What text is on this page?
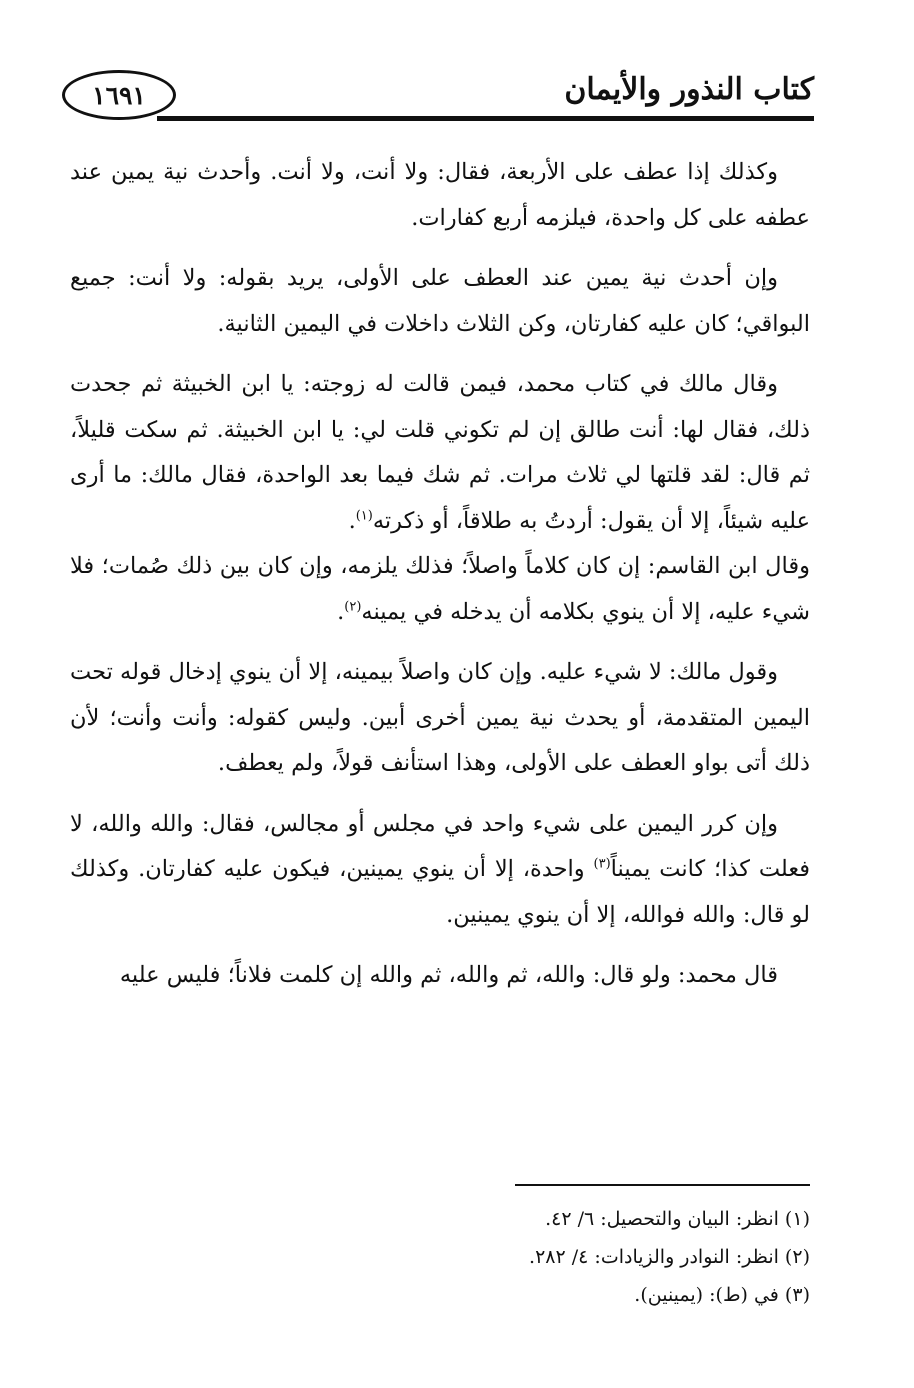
١٦٩١	كتاب النذور والأيمان

وكذلك إذا عطف على الأربعة، فقال: ولا أنت، ولا أنت. وأحدث نية يمين عند عطفه على كل واحدة، فيلزمه أربع كفارات.

وإن أحدث نية يمين عند العطف على الأولى، يريد بقوله: ولا أنت: جميع البواقي؛ كان عليه كفارتان، وكن الثلاث داخلات في اليمين الثانية.

وقال مالك في كتاب محمد، فيمن قالت له زوجته: يا ابن الخبيثة ثم جحدت ذلك، فقال لها: أنت طالق إن لم تكوني قلت لي: يا ابن الخبيثة. ثم سكت قليلاً، ثم قال: لقد قلتها لي ثلاث مرات. ثم شك فيما بعد الواحدة، فقال مالك: ما أرى عليه شيئاً، إلا أن يقول: أردتُ به طلاقاً، أو ذكرته$^{(١)}$.

وقال ابن القاسم: إن كان كلاماً واصلاً؛ فذلك يلزمه، وإن كان بين ذلك صُمات؛ فلا شيء عليه، إلا أن ينوي بكلامه أن يدخله في يمينه$^{(٢)}$.

وقول مالك: لا شيء عليه. وإن كان واصلاً بيمينه، إلا أن ينوي إدخال قوله تحت اليمين المتقدمة، أو يحدث نية يمين أخرى أبين. وليس كقوله: وأنت وأنت؛ لأن ذلك أتى بواو العطف على الأولى، وهذا استأنف قولاً، ولم يعطف.

وإن كرر اليمين على شيء واحد في مجلس أو مجالس، فقال: والله والله، لا فعلت كذا؛ كانت يميناً$^{(٣)}$ واحدة، إلا أن ينوي يمينين، فيكون عليه كفارتان. وكذلك لو قال: والله فوالله، إلا أن ينوي يمينين.

قال محمد: ولو قال: والله، ثم والله، ثم والله إن كلمت فلاناً؛ فليس عليه

(١) انظر: البيان والتحصيل: ٦/ ٤٢.
(٢) انظر: النوادر والزيادات: ٤/ ٢٨٢.
(٣) في (ط): (يمينين).
